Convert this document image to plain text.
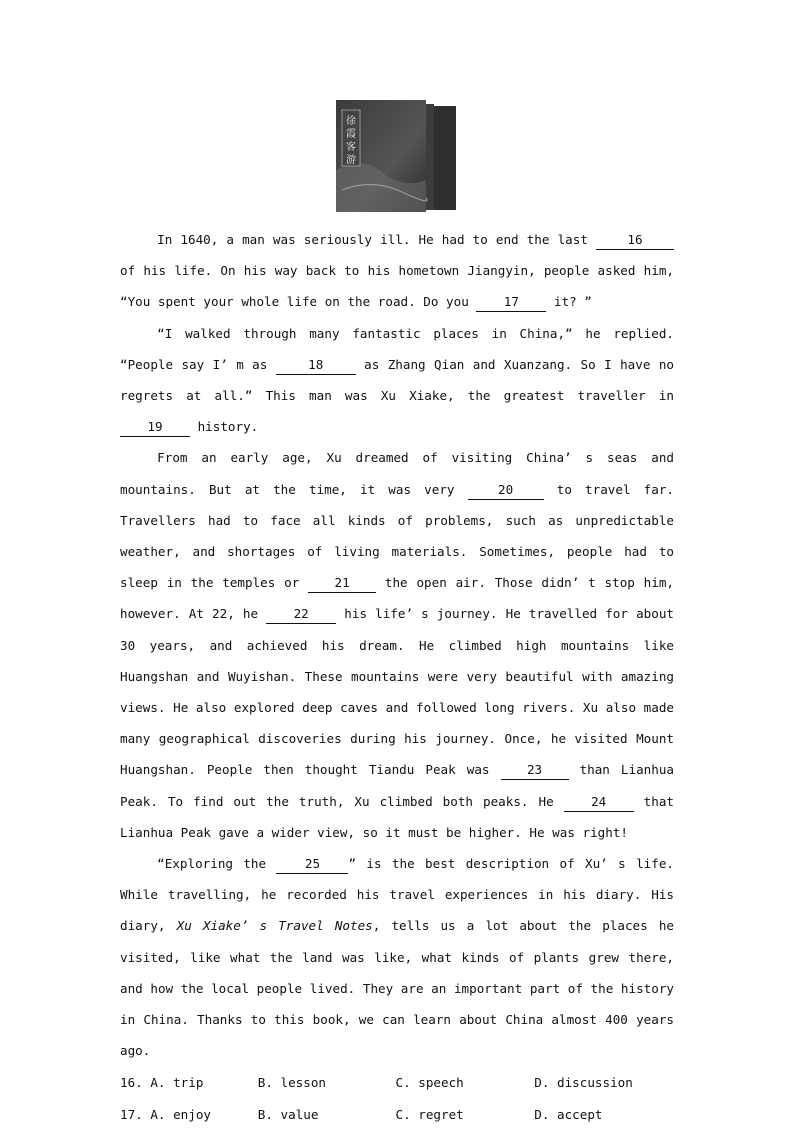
徐
霞
客
游

In 1640, a man was seriously ill. He had to end the last 16 of his life. On his way back to his hometown Jiangyin, people asked him, “You spent your whole life on the road. Do you 17 it? ”

“I walked through many fantastic places in China,” he replied. “People say I’ m as	18	as Zhang Qian and Xuanzang. So I have no regrets at all.” This man was Xu Xiake, the greatest traveller in 19 history.

From an early age, Xu dreamed of visiting China’ s seas and mountains. But at the time, it was very 20 to travel far. Travellers had to face all kinds of problems, such as unpredictable weather, and shortages of living materials. Sometimes, people had to sleep in the temples or 21 the open air. Those didn’ t stop him, however. At 22, he 22 his life’ s journey. He travelled for about 30 years, and achieved his dream. He climbed high mountains like Huangshan and Wuyishan. These mountains were very beautiful with amazing views. He also explored deep caves and followed long rivers. Xu also made many geographical discoveries during his journey. Once, he visited Mount Huangshan. People then thought Tiandu Peak was 23 than Lianhua Peak. To find out the truth, Xu climbed both peaks. He 24 that Lianhua Peak gave a wider view, so it must be higher. He was right!

“Exploring the 25 ” is the best description of Xu’ s life. While travelling, he recorded his travel experiences in his diary. His diary, Xu Xiake’ s Travel Notes, tells us a lot about the places he visited, like what the land was like, what kinds of plants grew there, and how the local people lived. They are an important part of the history in China. Thanks to this book, we can learn about China almost 400 years ago.

16. A. trip	B. lesson	C. speech	D. discussion
17. A. enjoy	B. value	C. regret	D. accept
